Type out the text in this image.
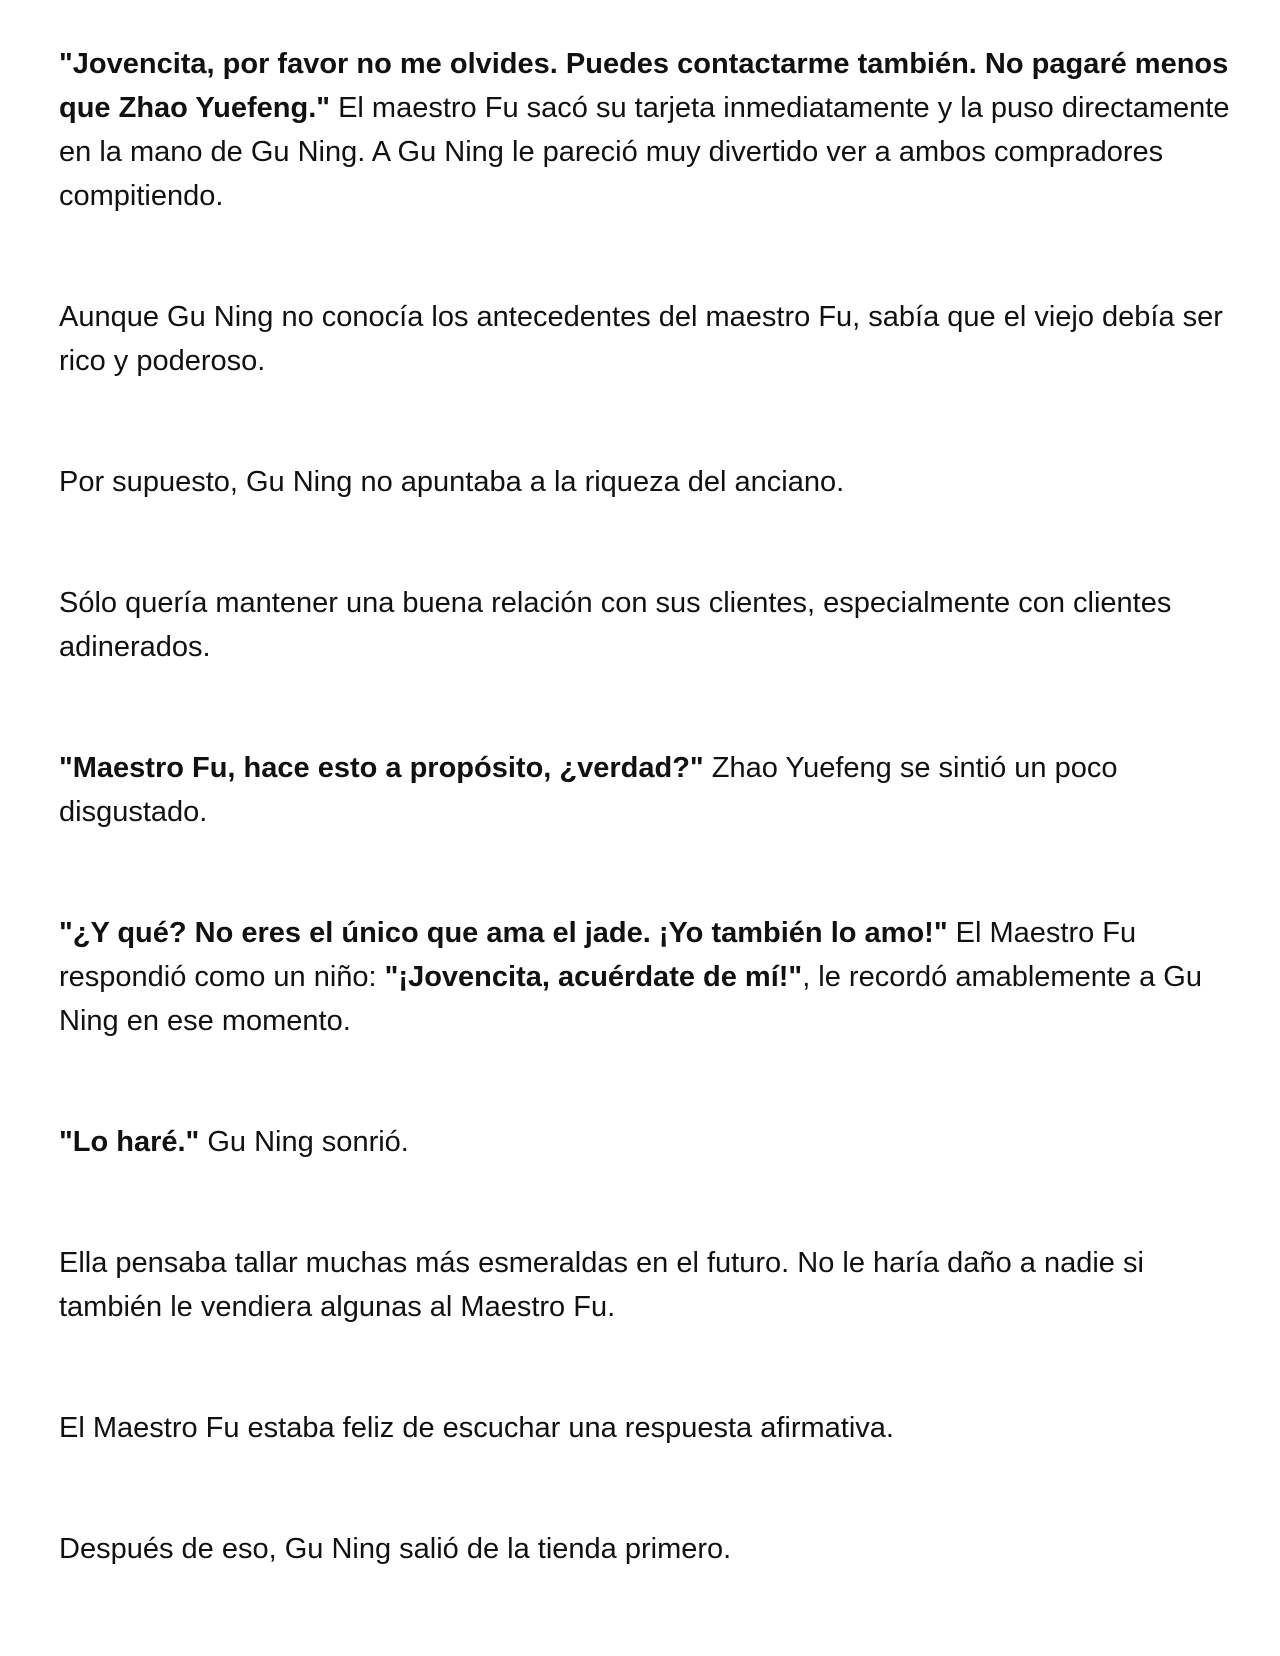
"Jovencita, por favor no me olvides. Puedes contactarme también. No pagaré menos que Zhao Yuefeng." El maestro Fu sacó su tarjeta inmediatamente y la puso directamente en la mano de Gu Ning. A Gu Ning le pareció muy divertido ver a ambos compradores compitiendo.

Aunque Gu Ning no conocía los antecedentes del maestro Fu, sabía que el viejo debía ser rico y poderoso.

Por supuesto, Gu Ning no apuntaba a la riqueza del anciano.

Sólo quería mantener una buena relación con sus clientes, especialmente con clientes adinerados.

"Maestro Fu, hace esto a propósito, ¿verdad?" Zhao Yuefeng se sintió un poco disgustado.

"¿Y qué? No eres el único que ama el jade. ¡Yo también lo amo!" El Maestro Fu respondió como un niño: "¡Jovencita, acuérdate de mí!", le recordó amablemente a Gu Ning en ese momento.

"Lo haré." Gu Ning sonrió.

Ella pensaba tallar muchas más esmeraldas en el futuro. No le haría daño a nadie si también le vendiera algunas al Maestro Fu.

El Maestro Fu estaba feliz de escuchar una respuesta afirmativa.

Después de eso, Gu Ning salió de la tienda primero.
